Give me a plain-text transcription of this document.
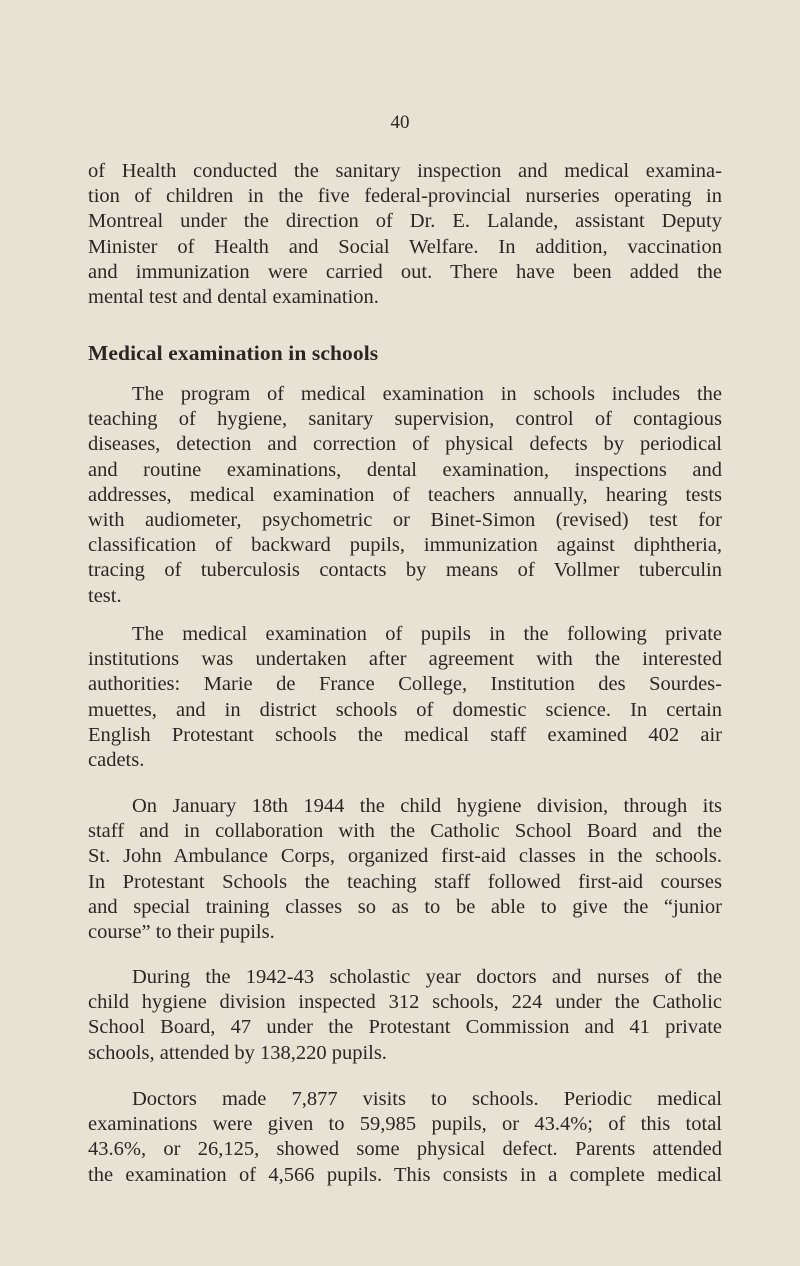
40
Medical examination in schools
of Health conducted the sanitary inspection and medical examina-
tion of children in the five federal-provincial nurseries operating in
Montreal under the direction of Dr. E. Lalande, assistant Deputy
Minister of Health and Social Welfare. In addition, vaccination
and immunization were carried out. There have been added the
mental test and dental examination.
The program of medical examination in schools includes the
teaching of hygiene, sanitary supervision, control of contagious
diseases, detection and correction of physical defects by periodical
and routine examinations, dental examination, inspections and
addresses, medical examination of teachers annually, hearing tests
with audiometer, psychometric or Binet-Simon (revised) test for
classification of backward pupils, immunization against diphtheria,
tracing of tuberculosis contacts by means of Vollmer tuberculin
test.
The medical examination of pupils in the following private
institutions was undertaken after agreement with the interested
authorities: Marie de France College, Institution des Sourdes-
muettes, and in district schools of domestic science. In certain
English Protestant schools the medical staff examined 402 air
cadets.
On January 18th 1944 the child hygiene division, through its
staff and in collaboration with the Catholic School Board and the
St. John Ambulance Corps, organized first-aid classes in the schools.
In Protestant Schools the teaching staff followed first-aid courses
and special training classes so as to be able to give the “junior
course” to their pupils.
During the 1942-43 scholastic year doctors and nurses of the
child hygiene division inspected 312 schools, 224 under the Catholic
School Board, 47 under the Protestant Commission and 41 private
schools, attended by 138,220 pupils.
Doctors made 7,877 visits to schools. Periodic medical
examinations were given to 59,985 pupils, or 43.4%; of this total
43.6%, or 26,125, showed some physical defect. Parents attended
the examination of 4,566 pupils. This consists in a complete medical
